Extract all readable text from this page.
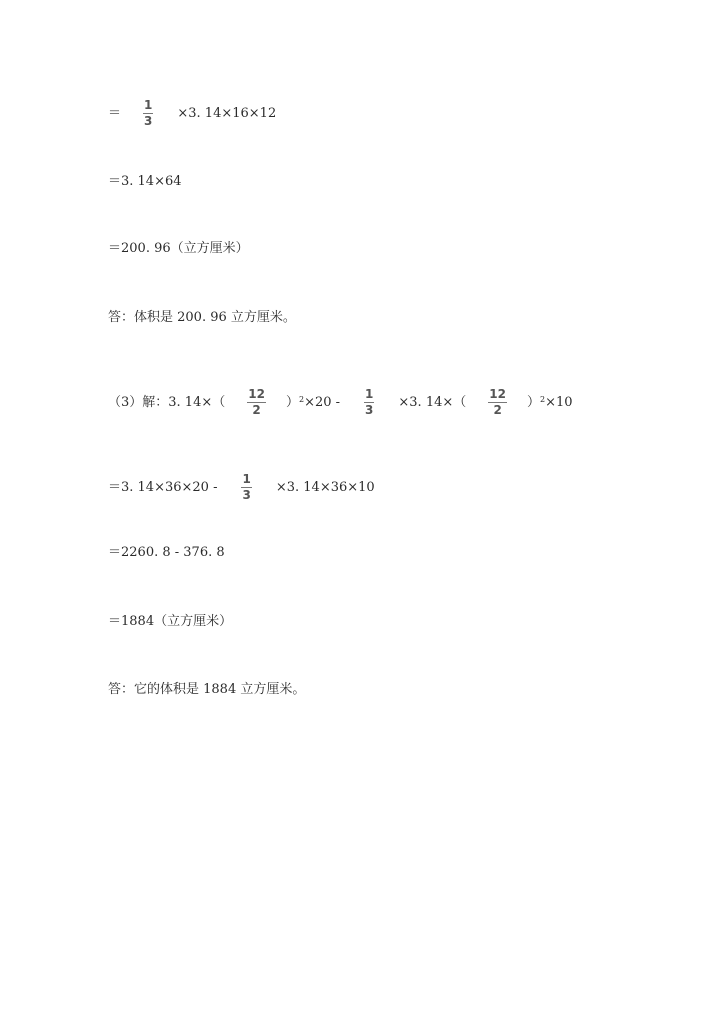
＝ $\frac{1}{3} \times 3$. 14×16×12
＝3. 14×64
＝200. 96（立方厘米）
答：体积是 200. 96 立方厘米。
（3）解：3. $14\times( \frac{12}{2}$ ） $2 \times 20 - \frac{1}{3} \times 3$. $14\times( \frac{12}{2}$ ） 2 ×10
＝3. $14\times 36\times 20 - \frac{1}{3} \times 3$. 14×36×10
＝2260. 8 - 376. 8
＝1884（立方厘米）
答：它的体积是 1884 立方厘米。
